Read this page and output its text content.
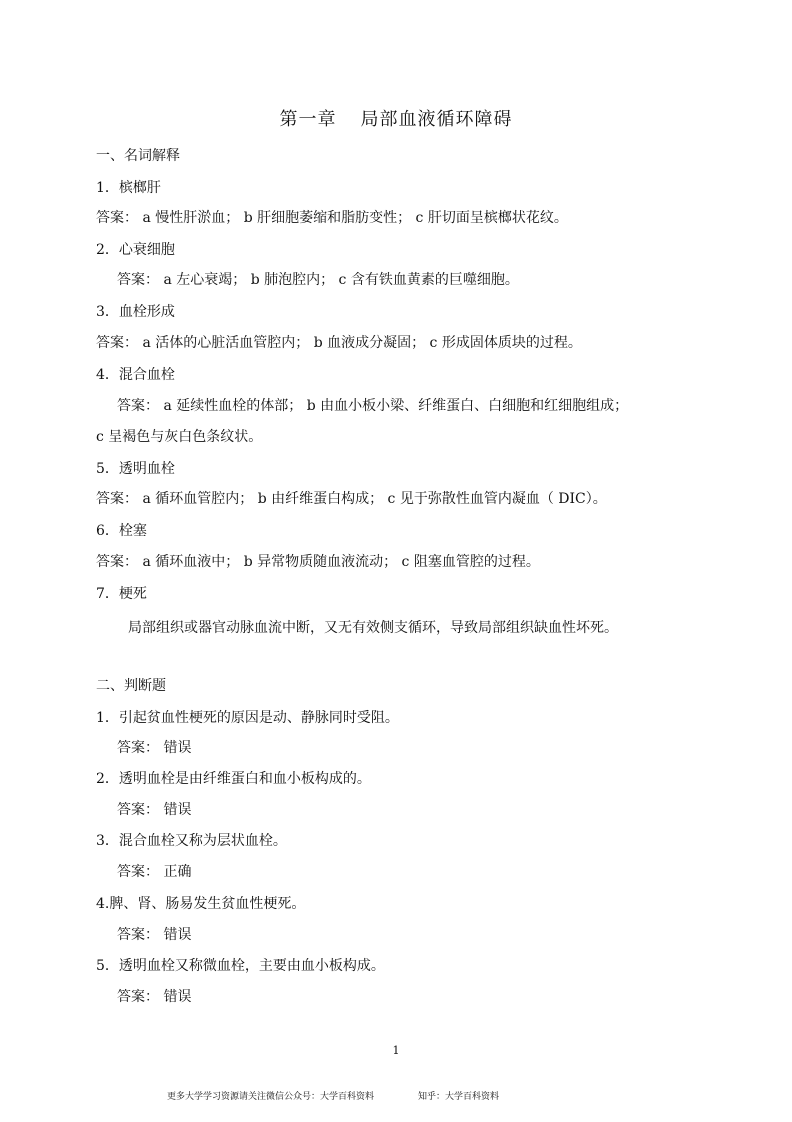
第一章 局部血液循环障碍
一、名词解释
1．槟榔肝
答案： a 慢性肝淤血； b 肝细胞萎缩和脂肪变性； c 肝切面呈槟榔状花纹。
2．心衰细胞
答案： a 左心衰竭； b 肺泡腔内； c 含有铁血黄素的巨噬细胞。
3．血栓形成
答案： a 活体的心脏活血管腔内； b 血液成分凝固； c 形成固体质块的过程。
4．混合血栓
答案： a 延续性血栓的体部； b 由血小板小梁、纤维蛋白、白细胞和红细胞组成；
c 呈褐色与灰白色条纹状。
5．透明血栓
答案： a 循环血管腔内； b 由纤维蛋白构成； c 见于弥散性血管内凝血（ DIC）。
6．栓塞
答案： a 循环血液中； b 异常物质随血液流动； c 阻塞血管腔的过程。
7．梗死
局部组织或器官动脉血流中断，又无有效侧支循环，导致局部组织缺血性坏死。
二、判断题
1．引起贫血性梗死的原因是动、静脉同时受阻。
答案： 错误
2．透明血栓是由纤维蛋白和血小板构成的。
答案： 错误
3．混合血栓又称为层状血栓。
答案： 正确
4.脾、肾、肠易发生贫血性梗死。
答案： 错误
5．透明血栓又称微血栓，主要由血小板构成。
答案： 错误
1
更多大学学习资源请关注微信公众号：大学百科资料	知乎：大学百科资料
